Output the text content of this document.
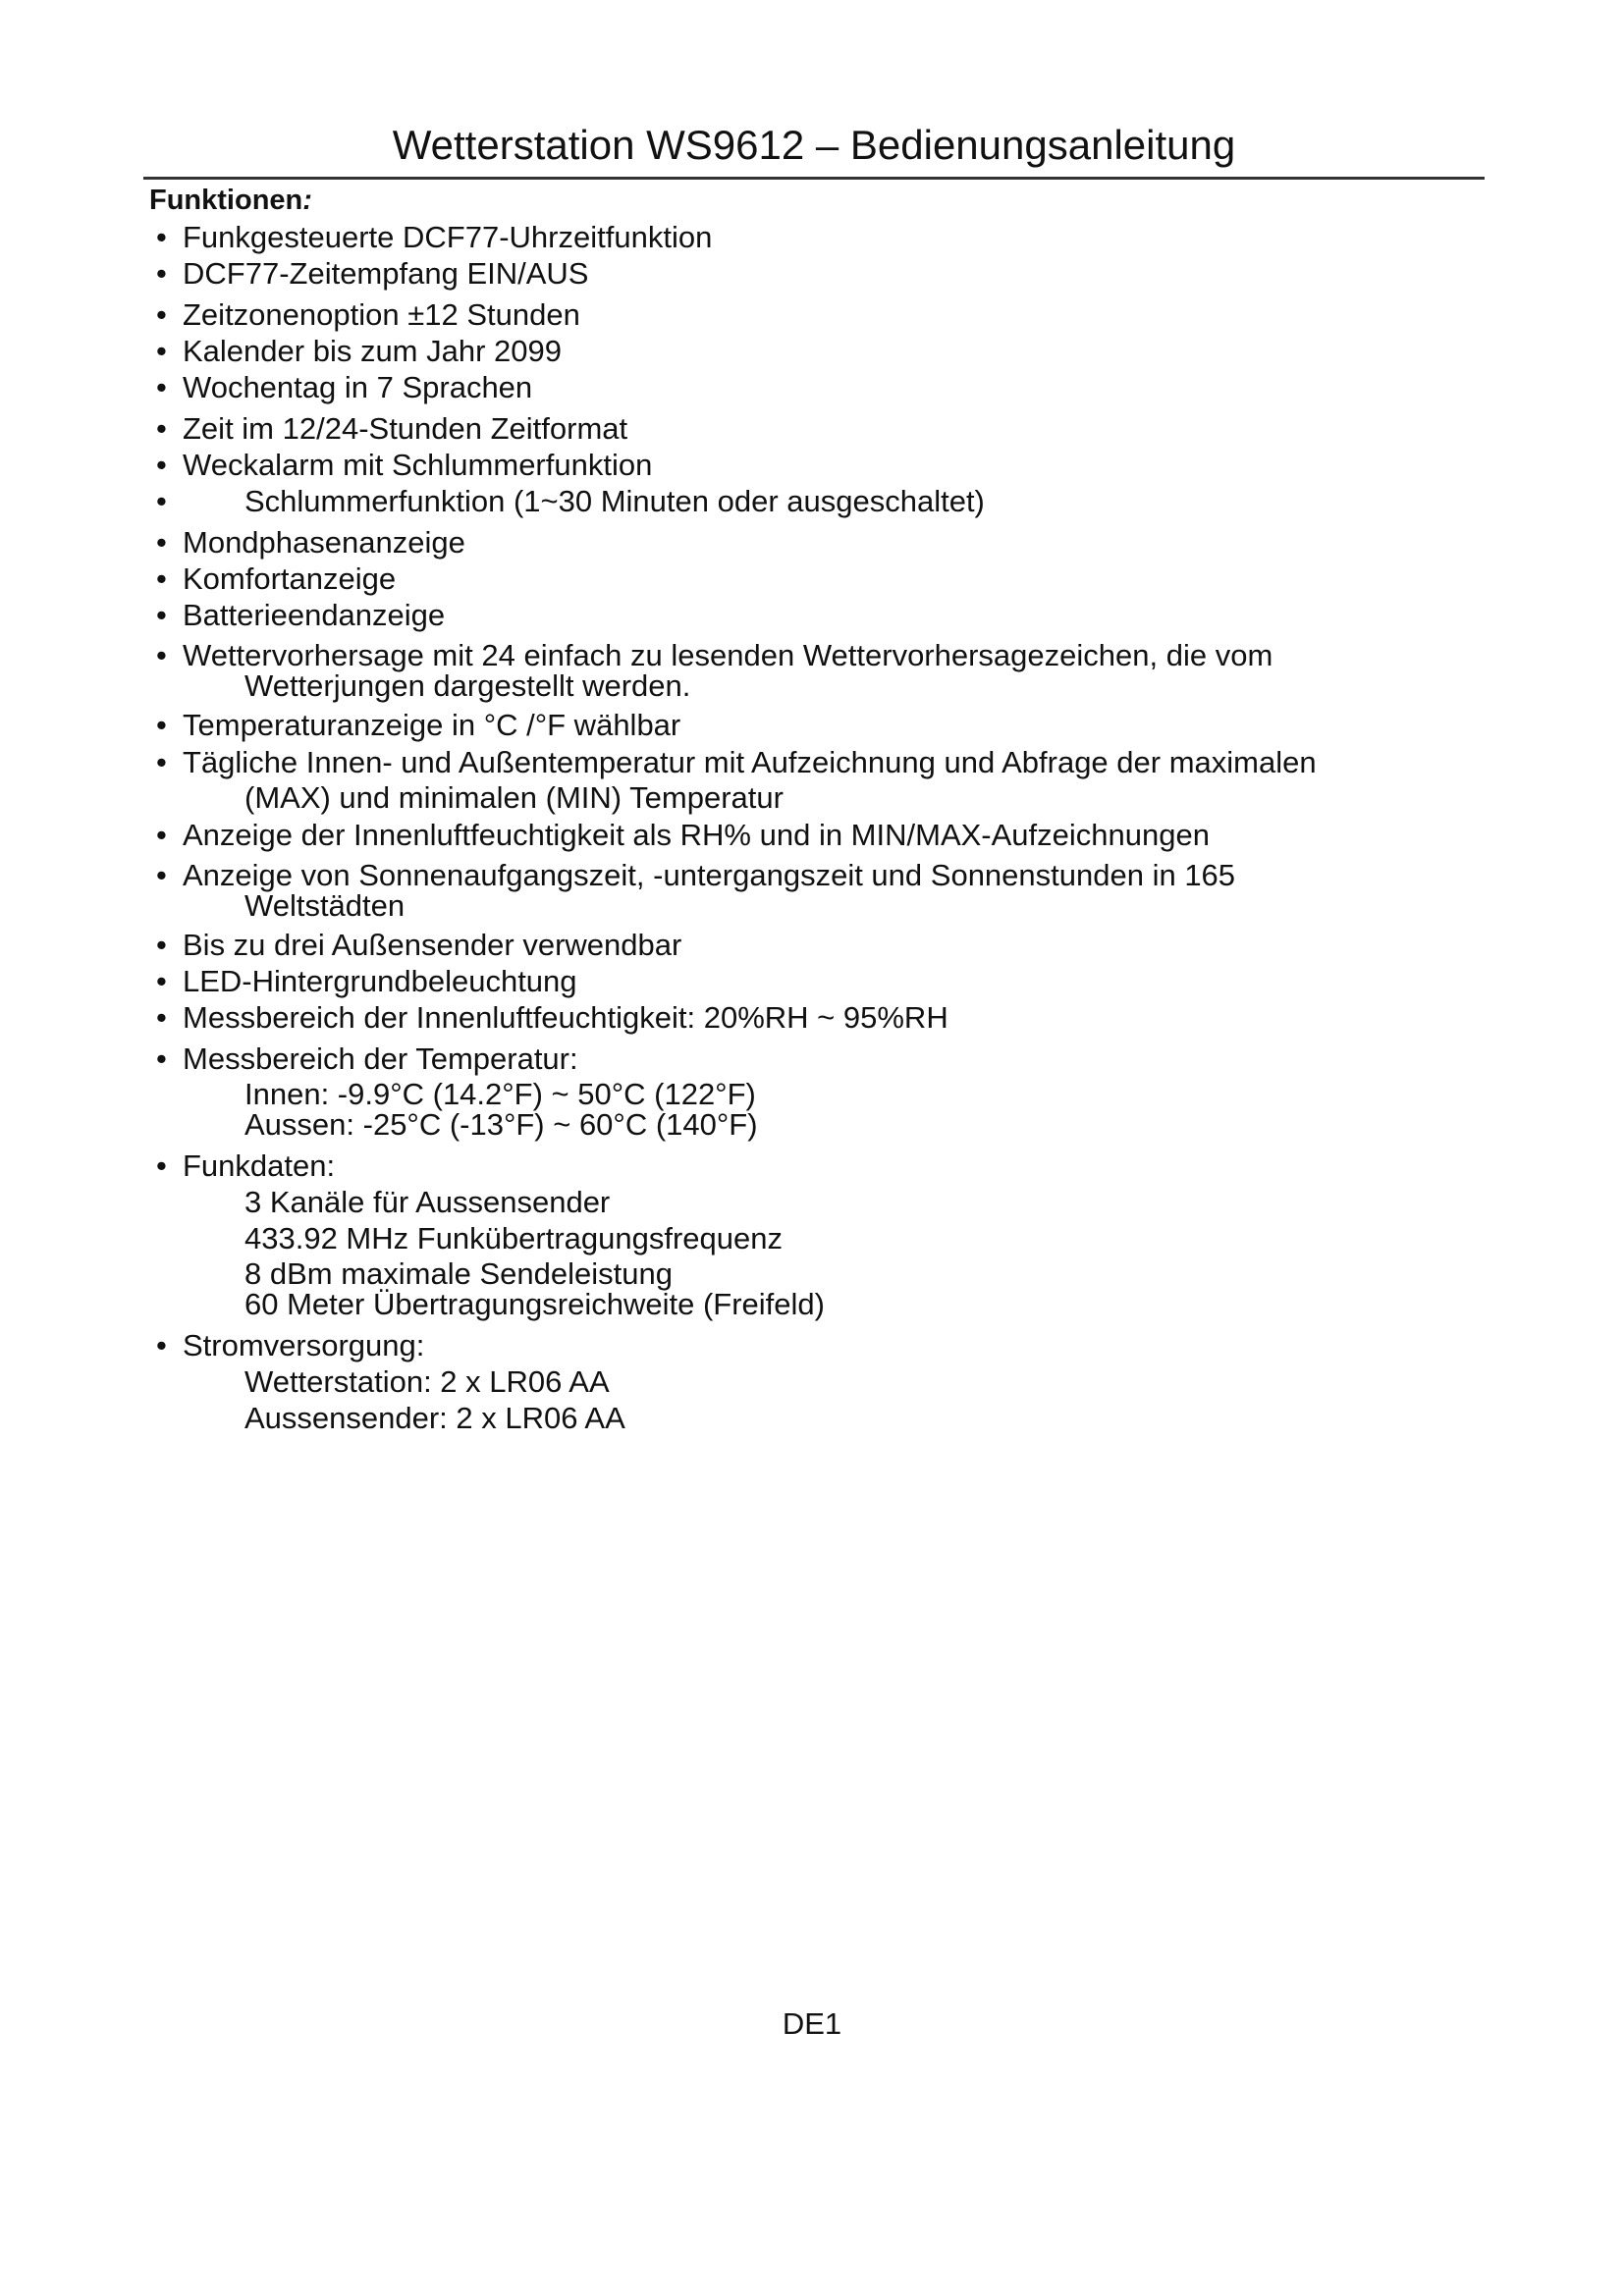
Wetterstation WS9612 – Bedienungsanleitung
Funktionen:
• Funkgesteuerte DCF77-Uhrzeitfunktion
• DCF77-Zeitempfang EIN/AUS
• Zeitzonenoption ±12 Stunden
• Kalender bis zum Jahr 2099
• Wochentag in 7 Sprachen
• Zeit im 12/24-Stunden Zeitformat
• Weckalarm mit Schlummerfunktion
•	Schlummerfunktion (1~30 Minuten oder ausgeschaltet)
• Mondphasenanzeige
• Komfortanzeige
• Batterieendanzeige
• Wettervorhersage mit 24 einfach zu lesenden Wettervorhersagezeichen, die vom
Wetterjungen dargestellt werden.
• Temperaturanzeige in °C /°F wählbar
• Tägliche Innen- und Außentemperatur mit Aufzeichnung und Abfrage der maximalen
(MAX) und minimalen (MIN) Temperatur
• Anzeige der Innenluftfeuchtigkeit als RH% und in MIN/MAX-Aufzeichnungen
• Anzeige von Sonnenaufgangszeit, -untergangszeit und Sonnenstunden in 165
Weltstädten
• Bis zu drei Außensender verwendbar
• LED-Hintergrundbeleuchtung
• Messbereich der Innenluftfeuchtigkeit: 20%RH ~ 95%RH
• Messbereich der Temperatur:
Innen: -9.9°C (14.2°F) ~ 50°C (122°F)
Aussen: -25°C (-13°F) ~ 60°C (140°F)
• Funkdaten:
3 Kanäle für Aussensender
433.92 MHz Funkübertragungsfrequenz
8 dBm maximale Sendeleistung
60 Meter Übertragungsreichweite (Freifeld)
• Stromversorgung:
Wetterstation: 2 x LR06 AA
Aussensender: 2 x LR06 AA
DE1
